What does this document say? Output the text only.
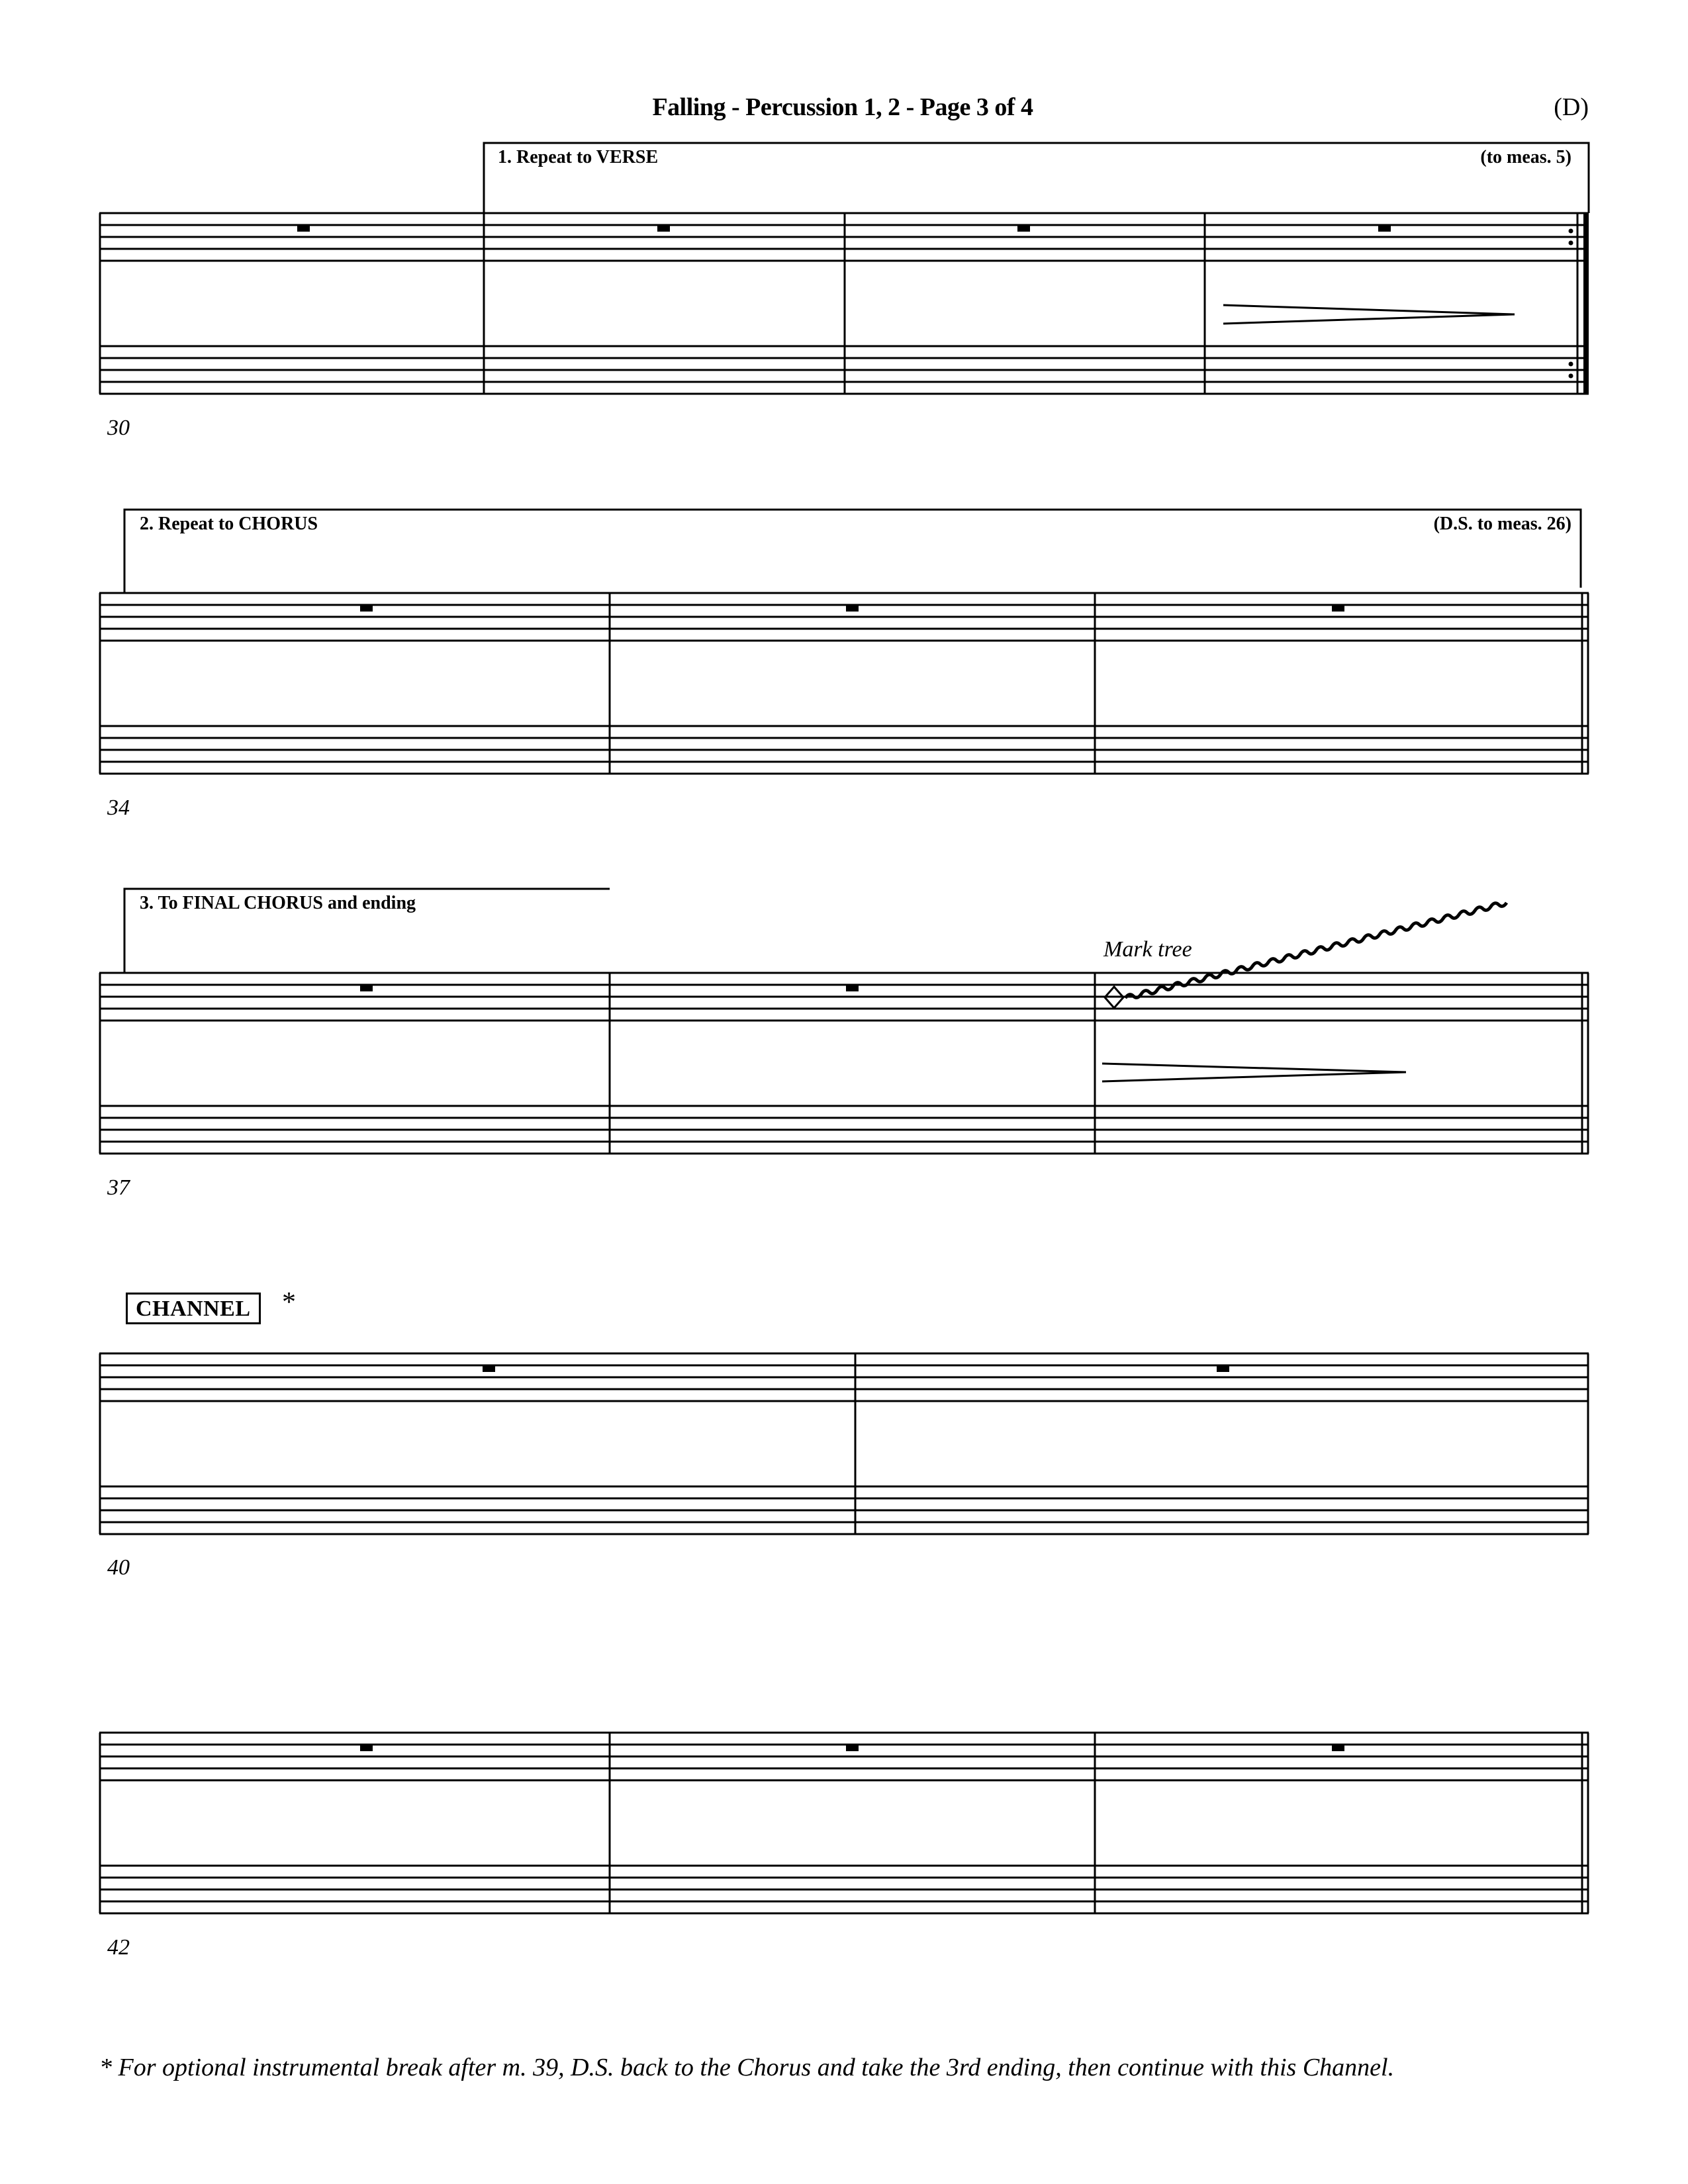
Falling - Percussion 1, 2 - Page 3 of 4	(D)
1. Repeat to VERSE	(to meas. 5)
30
2. Repeat to CHORUS	(D.S. to meas. 26)
34
3. To FINAL CHORUS and ending
Mark tree
37
CHANNEL	*
40
42
* For optional instrumental break after m. 39, D.S. back to the Chorus and take the 3rd ending, then continue with this Channel.
